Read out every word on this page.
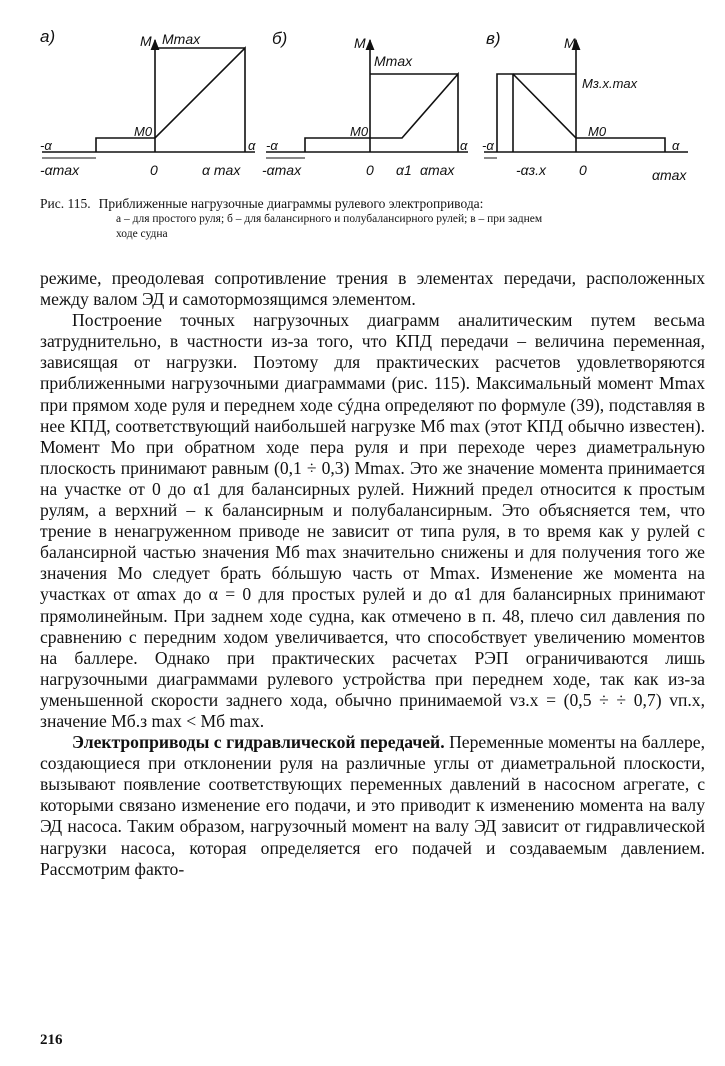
а)	M Mmax
M0
-α
-αmax	0	α max
α
б)	M
Mmax
M0
-α
-αmax	0 α1 αmax
α
в)	M
Mз.х.max
M0
-α
-αз.х 0	αmax
α
Рис. 115. Приближенные нагрузочные диаграммы рулевого электропривода:
а – для простого руля; б – для балансирного и полубалансирного рулей; в – при заднем
ходе судна

режиме, преодолевая сопротивление трения в элементах передачи, расположенных между валом ЭД и самотормозящимся элементом.

Построение точных нагрузочных диаграмм аналитическим путем весьма затруднительно, в частности из-за того, что КПД передачи – величина переменная, зависящая от нагрузки. Поэтому для практических расчетов удовлетворяются приближенными нагрузочными диаграммами (рис. 115). Максимальный момент Mmax при прямом ходе руля и переднем ходе сýдна определяют по формуле (39), подставляя в нее КПД, соответствующий наибольшей нагрузке Mб max (этот КПД обычно известен). Момент Mo при обратном ходе пера руля и при переходе через диаметральную плоскость принимают равным (0,1 ÷ 0,3) Mmax. Это же значение момента принимается на участке от 0 до α1 для балансирных рулей. Нижний предел относится к простым рулям, а верхний – к балансирным и полубалансирным. Это объясняется тем, что трение в ненагруженном приводе не зависит от типа руля, в то время как у рулей с балансирной частью значения Mб max значительно снижены и для получения того же значения Mo следует брать бóльшую часть от Mmax. Изменение же момента на участках от αmax до α = 0 для простых рулей и до α1 для балансирных принимают прямолинейным. При заднем ходе судна, как отмечено в п. 48, плечо сил давления по сравнению с передним ходом увеличивается, что способствует увеличению моментов на баллере. Однако при практических расчетах РЭП ограничиваются лишь нагрузочными диаграммами рулевого устройства при переднем ходе, так как из-за уменьшенной скорости заднего хода, обычно принимаемой vз.х = (0,5 ÷ ÷ 0,7) vп.х, значение Mб.з max < Mб max.

Электроприводы с гидравлической передачей. Переменные моменты на баллере, создающиеся при отклонении руля на различные углы от диаметральной плоскости, вызывают появление соответствующих переменных давлений в насосном агрегате, с которыми связано изменение его подачи, и это приводит к изменению момента на валу ЭД насоса. Таким образом, нагрузочный момент на валу ЭД зависит от гидравлической нагрузки насоса, которая определяется его подачей и создаваемым давлением. Рассмотрим факто-

216
